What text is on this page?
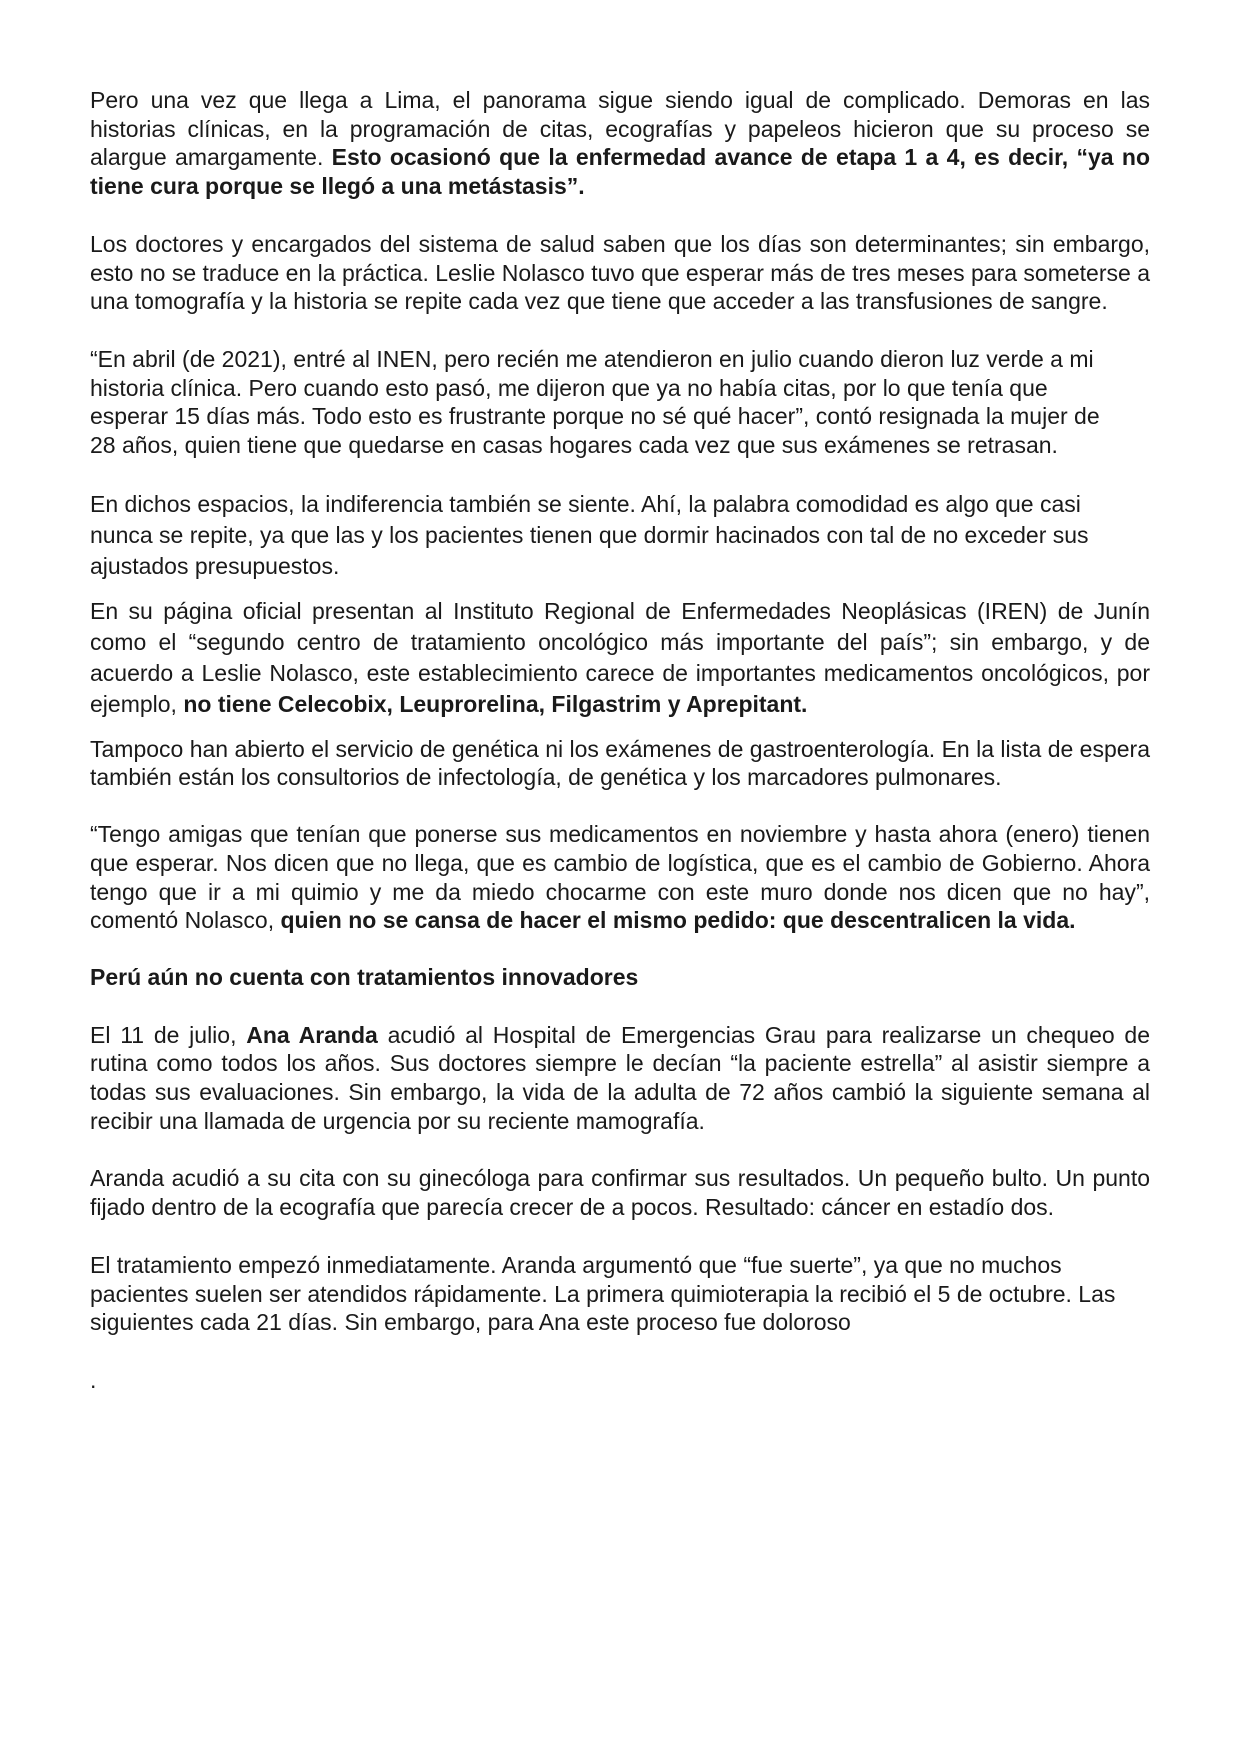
Pero una vez que llega a Lima, el panorama sigue siendo igual de complicado. Demoras en las historias clínicas, en la programación de citas, ecografías y papeleos hicieron que su proceso se alargue amargamente. Esto ocasionó que la enfermedad avance de etapa 1 a 4, es decir, “ya no tiene cura porque se llegó a una metástasis”.

Los doctores y encargados del sistema de salud saben que los días son determinantes; sin embargo, esto no se traduce en la práctica. Leslie Nolasco tuvo que esperar más de tres meses para someterse a una tomografía y la historia se repite cada vez que tiene que acceder a las transfusiones de sangre.

“En abril (de 2021), entré al INEN, pero recién me atendieron en julio cuando dieron luz verde a mi historia clínica. Pero cuando esto pasó, me dijeron que ya no había citas, por lo que tenía que esperar 15 días más. Todo esto es frustrante porque no sé qué hacer”, contó resignada la mujer de 28 años, quien tiene que quedarse en casas hogares cada vez que sus exámenes se retrasan.

En dichos espacios, la indiferencia también se siente. Ahí, la palabra comodidad es algo que casi nunca se repite, ya que las y los pacientes tienen que dormir hacinados con tal de no exceder sus ajustados presupuestos.

En su página oficial presentan al Instituto Regional de Enfermedades Neoplásicas (IREN) de Junín como el “segundo centro de tratamiento oncológico más importante del país”; sin embargo, y de acuerdo a Leslie Nolasco, este establecimiento carece de importantes medicamentos oncológicos, por ejemplo, no tiene Celecobix, Leuprorelina, Filgastrim y Aprepitant.

Tampoco han abierto el servicio de genética ni los exámenes de gastroenterología. En la lista de espera también están los consultorios de infectología, de genética y los marcadores pulmonares.

“Tengo amigas que tenían que ponerse sus medicamentos en noviembre y hasta ahora (enero) tienen que esperar. Nos dicen que no llega, que es cambio de logística, que es el cambio de Gobierno. Ahora tengo que ir a mi quimio y me da miedo chocarme con este muro donde nos dicen que no hay”, comentó Nolasco, quien no se cansa de hacer el mismo pedido: que descentralicen la vida.

Perú aún no cuenta con tratamientos innovadores

El 11 de julio, Ana Aranda acudió al Hospital de Emergencias Grau para realizarse un chequeo de rutina como todos los años. Sus doctores siempre le decían “la paciente estrella” al asistir siempre a todas sus evaluaciones. Sin embargo, la vida de la adulta de 72 años cambió la siguiente semana al recibir una llamada de urgencia por su reciente mamografía.

Aranda acudió a su cita con su ginecóloga para confirmar sus resultados. Un pequeño bulto. Un punto fijado dentro de la ecografía que parecía crecer de a pocos. Resultado: cáncer en estadío dos.

El tratamiento empezó inmediatamente. Aranda argumentó que “fue suerte”, ya que no muchos pacientes suelen ser atendidos rápidamente. La primera quimioterapia la recibió el 5 de octubre. Las siguientes cada 21 días. Sin embargo, para Ana este proceso fue doloroso

.
